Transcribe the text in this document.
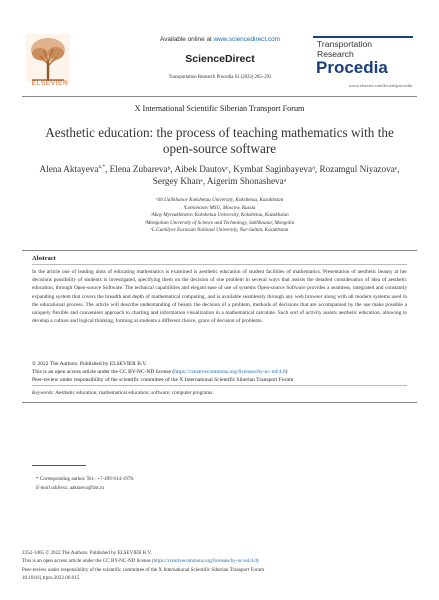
ELSEVIER
Available online at www.sciencedirect.com
ScienceDirect
Transportation Research Procedia 63 (2022) 285–293
Transportation
Research
Procedia
www.elsevier.com/locate/procedia
X International Scientific Siberian Transport Forum
Aesthetic education: the process of teaching mathematics with the open-source software
Alena Aktayeva$^{a,*}$, Elena Zubarevaᵇ, Aibek Dautovᶜ, Kymbat Saginbayevaᵈ, Rozamgul Niyazovaᵉ, Sergey Khanᵃ, Aigerim Shonashevaᵃ
ᵃSh.Ualikhanov Kokshetau University, Kokshetau, Kazakhstan
ᵇLomonosov MSU, Moscow, Russia
ᶜAbay Myrzakhmetov Kokshetau University, Kokshetau, Kazakhstan
ᵈMongolian University of Science and Technology, Sukhbaatar, Mongolia
ᵉL.Gumilyov Eurasian National University, Nur-Sultan, Kazakhstan
Abstract
In the article one of leading aims of educating mathematics is examined is aesthetic education of student facilities of mathematics. Presentation of aesthetic beauty at her decisions possibility of students is investigated, specifying them on the decision of one problem in several ways that assists the detailed consideration of idea of aesthetic education, through Open-source Software. The technical capabilities and elegant ease of use of systems Open-source Software provides a seamless, integrated and constantly expanding system that covers the breadth and depth of mathematical computing, and is available seamlessly through any web browser along with all modern systems used in the educational process. The article will describe understanding of beauty the decision of a problem, methods of decisions that are accompanied by the use make possible a uniquely flexible and convenient approach to charting and information visualization in a mathematical calculate. Such sort of activity assists aesthetic education, allowing to develop a culture and logical thinking, forming at students a different choice, grace of decision of problems.
© 2022 The Authors. Published by ELSEVIER B.V.
This is an open access article under the CC BY-NC-ND license (https://creativecommons.org/licenses/by-nc-nd/4.0)
Peer-review under responsibility of the scientific committee of the X International Scientific Siberian Transport Forum
Keywords: Aesthetic education; mathematical education; software; computer programs.
* Corresponding author. Tel.: +7-499-914-1978.
E-mail address: aaktaeva@list.ru
2352-1465 © 2022 The Authors. Published by ELSEVIER B.V.
This is an open access article under the CC BY-NC-ND license (https://creativecommons.org/licenses/by-nc-nd/4.0)
Peer-review under responsibility of the scientific committee of the X International Scientific Siberian Transport Forum
10.1016/j.trpro.2022.06.015
